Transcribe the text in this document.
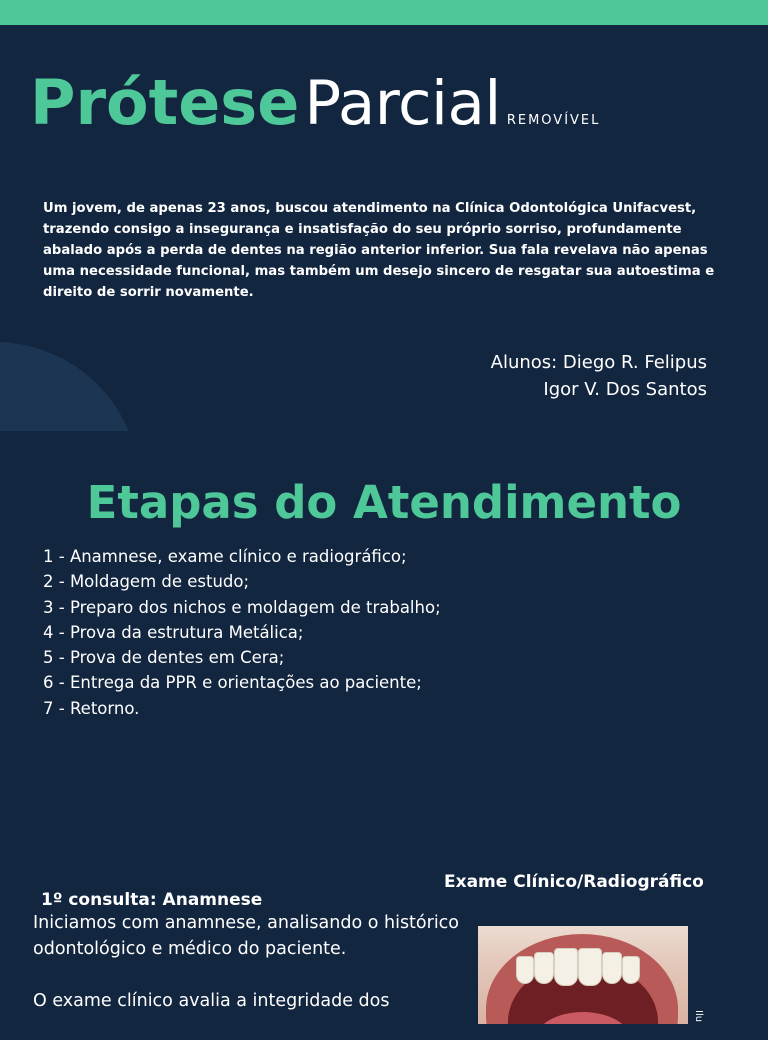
Prótese Parcial REMOVÍVEL

Um jovem, de apenas 23 anos, buscou atendimento na Clínica Odontológica Unifacvest, trazendo consigo a insegurança e insatisfação do seu próprio sorriso, profundamente abalado após a perda de dentes na região anterior inferior. Sua fala revelava não apenas uma necessidade funcional, mas também um desejo sincero de resgatar sua autoestima e direito de sorrir novamente.

Alunos: Diego R. Felipus
Igor V. Dos Santos
Etapas do Atendimento
1 - Anamnese, exame clínico e radiográfico;
2 - Moldagem de estudo;
3 - Preparo dos nichos e moldagem de trabalho;
4 - Prova da estrutura Metálica;
5 - Prova de dentes em Cera;
6 - Entrega da PPR e orientações ao paciente;
7 - Retorno.
Exame Clínico/Radiográfico
1º consulta: Anamnese

Iniciamos com anamnese, analisando o histórico odontológico e médico do paciente.

O exame clínico avalia a integridade dos

Ilu
